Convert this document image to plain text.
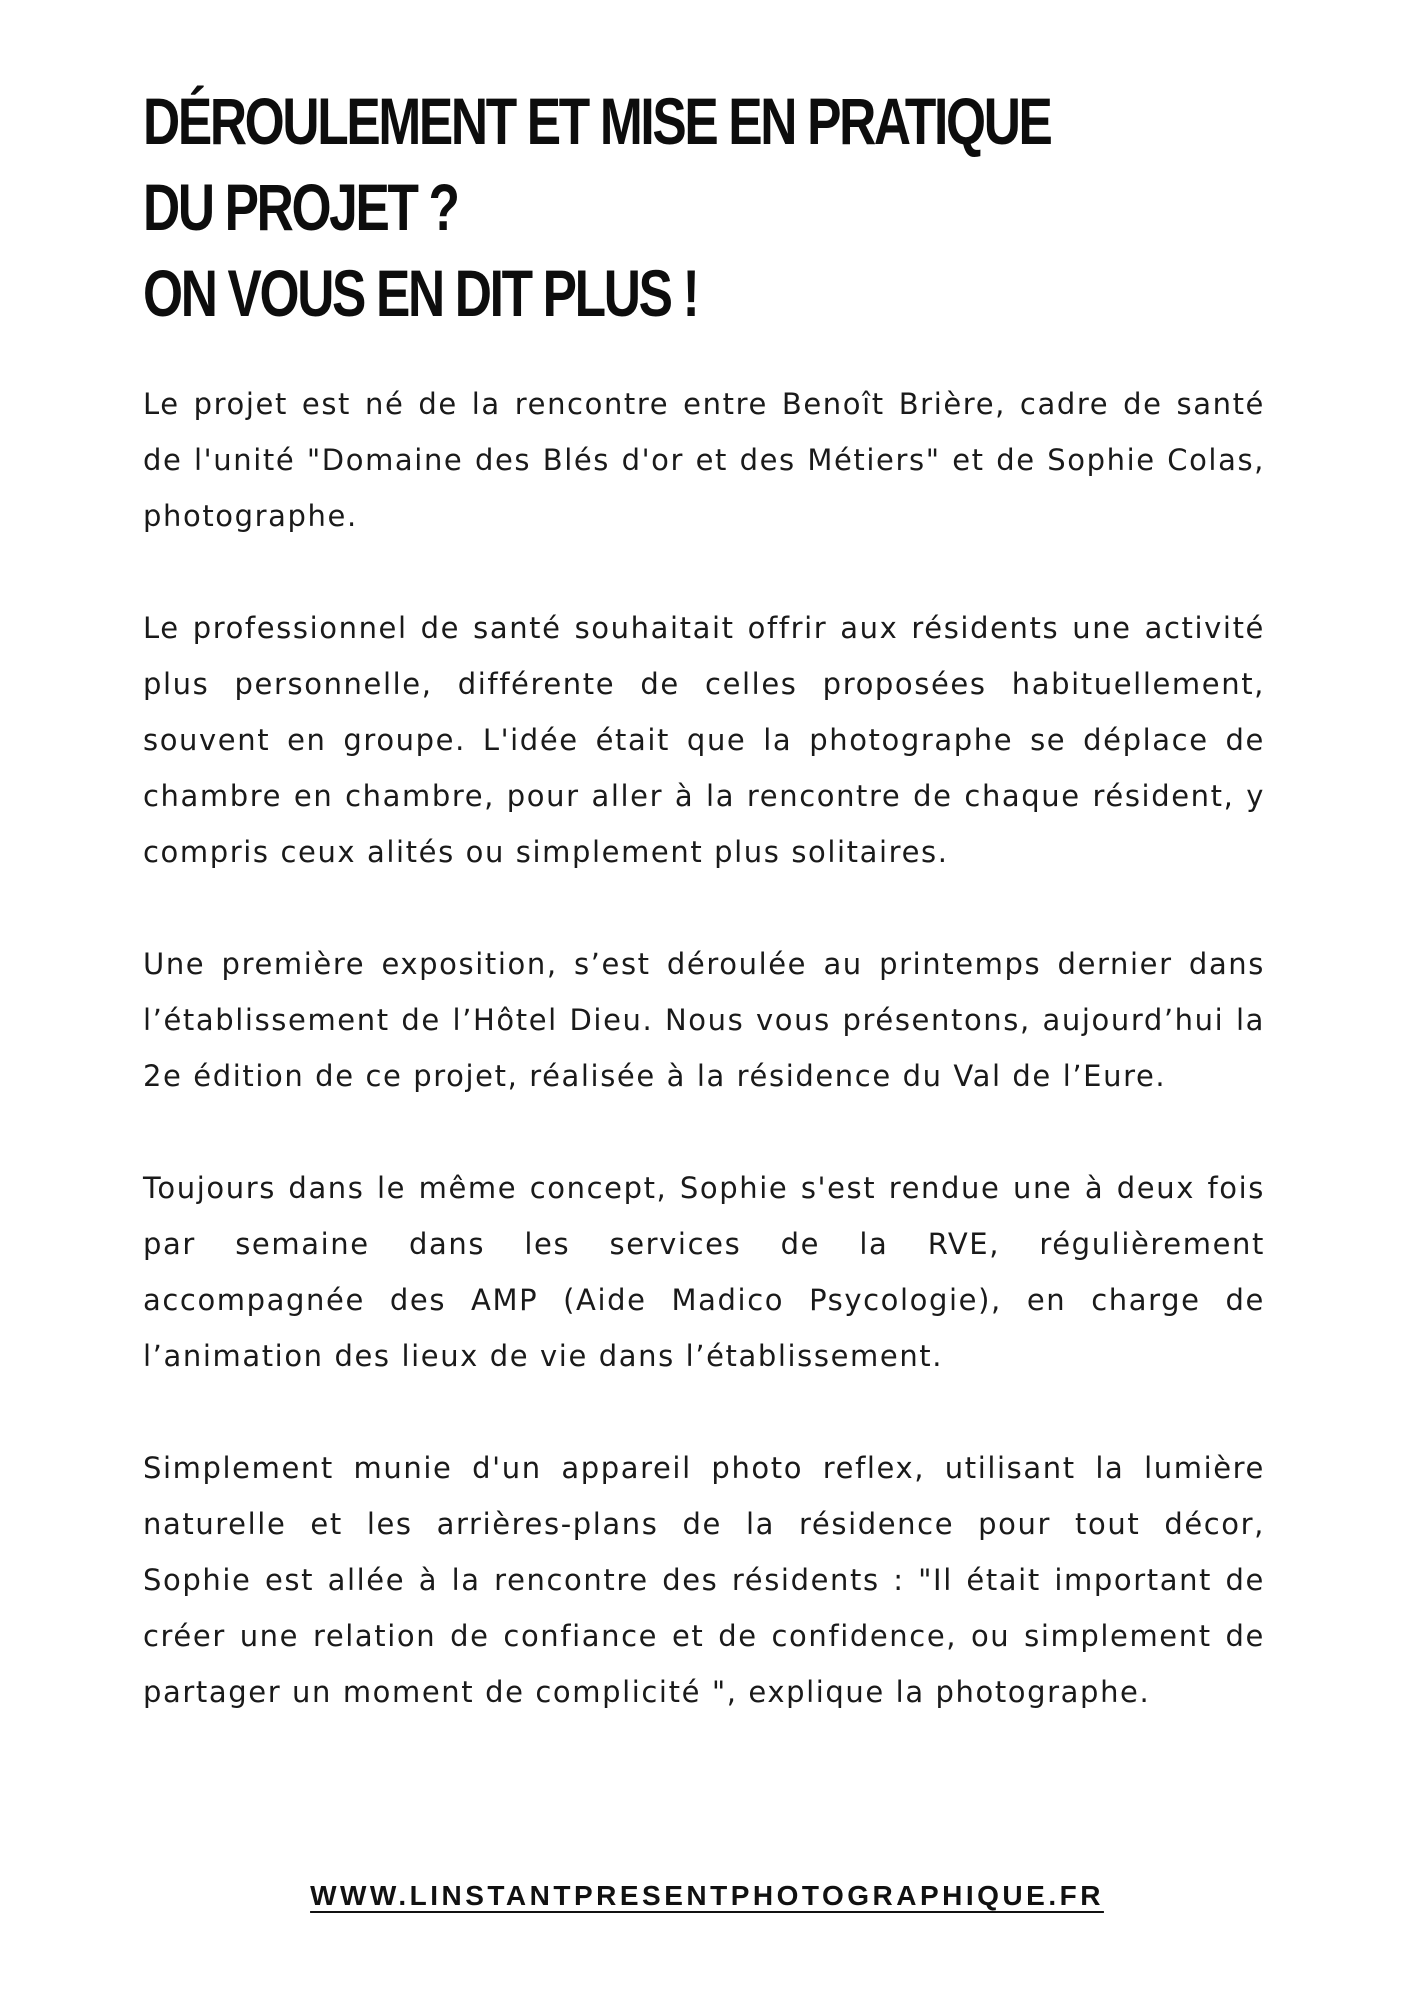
DÉROULEMENT ET MISE EN PRATIQUE
DU PROJET ?
ON VOUS EN DIT PLUS !

Le projet est né de la rencontre entre Benoît Brière, cadre de santé de l'unité "Domaine des Blés d'or et des Métiers" et de Sophie Colas, photographe.

Le professionnel de santé souhaitait offrir aux résidents une activité plus personnelle, différente de celles proposées habituellement, souvent en groupe. L'idée était que la photographe se déplace de chambre en chambre, pour aller à la rencontre de chaque résident, y compris ceux alités ou simplement plus solitaires.

Une première exposition, s’est déroulée au printemps dernier dans l’établissement de l’Hôtel Dieu. Nous vous présentons, aujourd’hui la 2e édition de ce projet, réalisée à la résidence du Val de l’Eure.

Toujours dans le même concept, Sophie s'est rendue une à deux fois par semaine dans les services de la RVE, régulièrement accompagnée des AMP (Aide Madico Psycologie), en charge de l’animation des lieux de vie dans l’établissement.

Simplement munie d'un appareil photo reflex, utilisant la lumière naturelle et les arrières-plans de la résidence pour tout décor, Sophie est allée à la rencontre des résidents : "Il était important de créer une relation de confiance et de confidence, ou simplement de partager un moment de complicité ", explique la photographe.

WWW.LINSTANTPRESENTPHOTOGRAPHIQUE.FR
